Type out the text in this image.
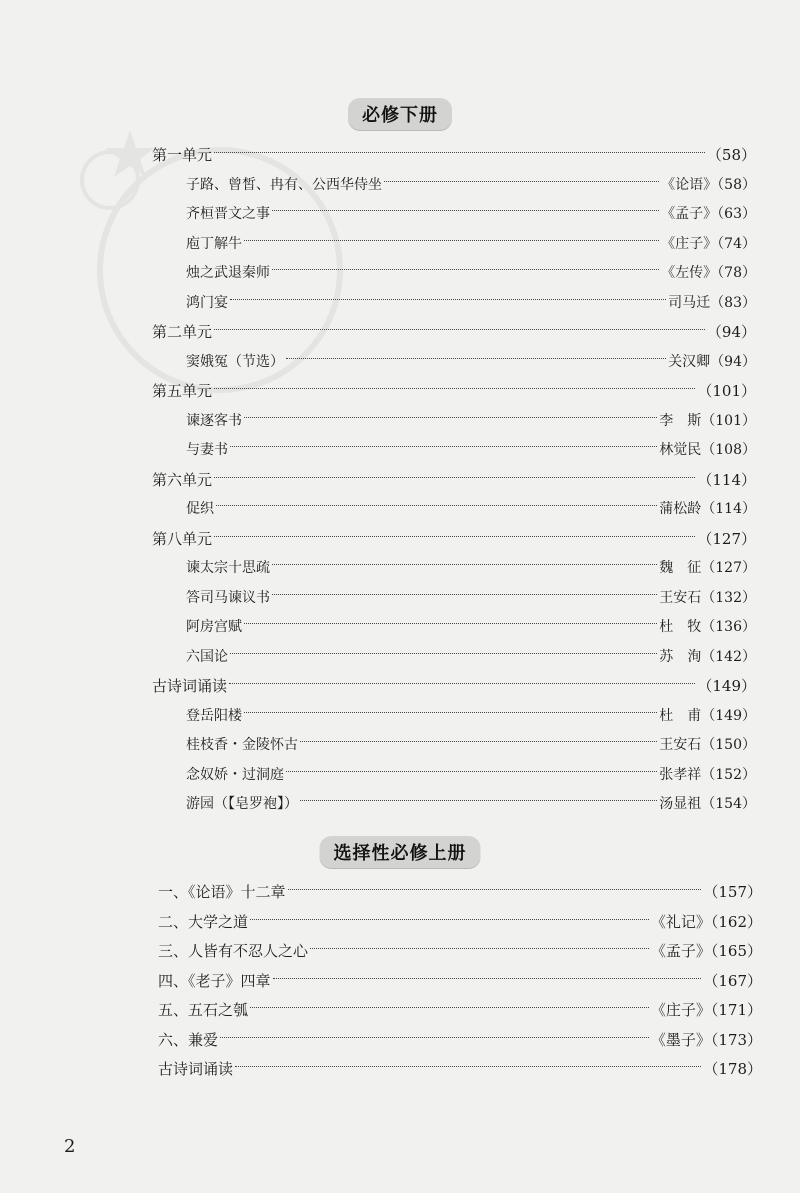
必修下册
第一单元	（58）
子路、曾皙、冉有、公西华侍坐	《论语》（58）
齐桓晋文之事	《孟子》（63）
庖丁解牛	《庄子》（74）
烛之武退秦师	《左传》（78）
鸿门宴	司马迁（83）
第二单元	（94）
窦娥冤（节选）	关汉卿（94）
第五单元	（101）
谏逐客书	李　斯（101）
与妻书	林觉民（108）
第六单元	（114）
促织	蒲松龄（114）
第八单元	（127）
谏太宗十思疏	魏　征（127）
答司马谏议书	王安石（132）
阿房宫赋	杜　牧（136）
六国论	苏　洵（142）
古诗词诵读	（149）
登岳阳楼	杜　甫（149）
桂枝香・金陵怀古	王安石（150）
念奴娇・过洞庭	张孝祥（152）
游园（【皂罗袍】）	汤显祖（154）
选择性必修上册
一、《论语》十二章	（157）
二、大学之道	《礼记》（162）
三、人皆有不忍人之心	《孟子》（165）
四、《老子》四章	（167）
五、五石之瓠	《庄子》（171）
六、兼爱	《墨子》（173）
古诗词诵读	（178）
2
